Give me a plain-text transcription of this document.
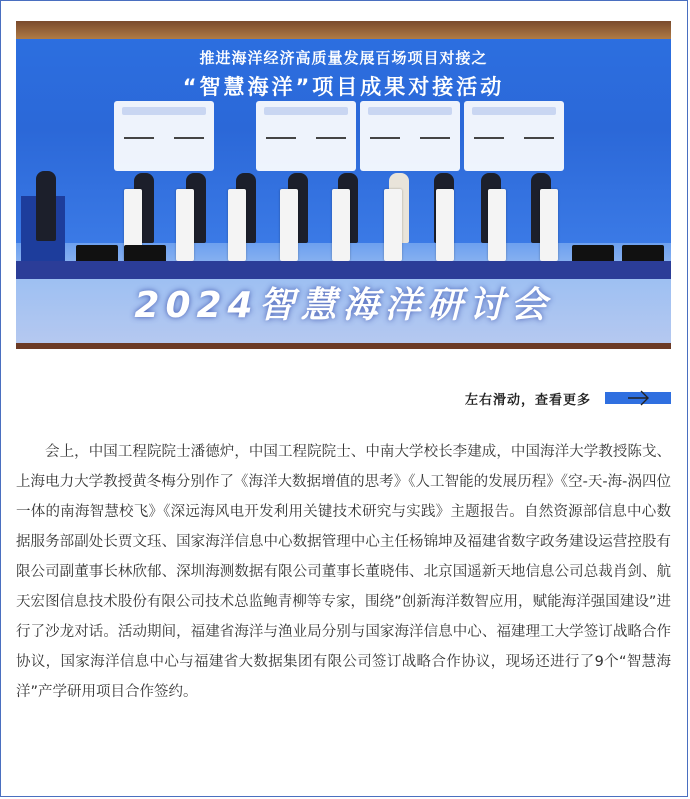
推进海洋经济高质量发展百场项目对接之
“智慧海洋”项目成果对接活动
2024智慧海洋研讨会
左右滑动，查看更多
会上，中国工程院院士潘德炉，中国工程院院士、中南大学校长李建成，中国海洋大学教授陈戈、上海电力大学教授黄冬梅分别作了《海洋大数据增值的思考》《人工智能的发展历程》《空-天-海-涡四位一体的南海智慧校飞》《深远海风电开发利用关键技术研究与实践》主题报告。自然资源部信息中心数据服务部副处长贾文珏、国家海洋信息中心数据管理中心主任杨锦坤及福建省数字政务建设运营控股有限公司副董事长林欣郁、深圳海测数据有限公司董事长董晓伟、北京国遥新天地信息公司总裁肖剑、航天宏图信息技术股份有限公司技术总监鲍青柳等专家，围绕”创新海洋数智应用，赋能海洋强国建设”进行了沙龙对话。活动期间，福建省海洋与渔业局分别与国家海洋信息中心、福建理工大学签订战略合作协议，国家海洋信息中心与福建省大数据集团有限公司签订战略合作协议，现场还进行了9个“智慧海洋”产学研用项目合作签约。
